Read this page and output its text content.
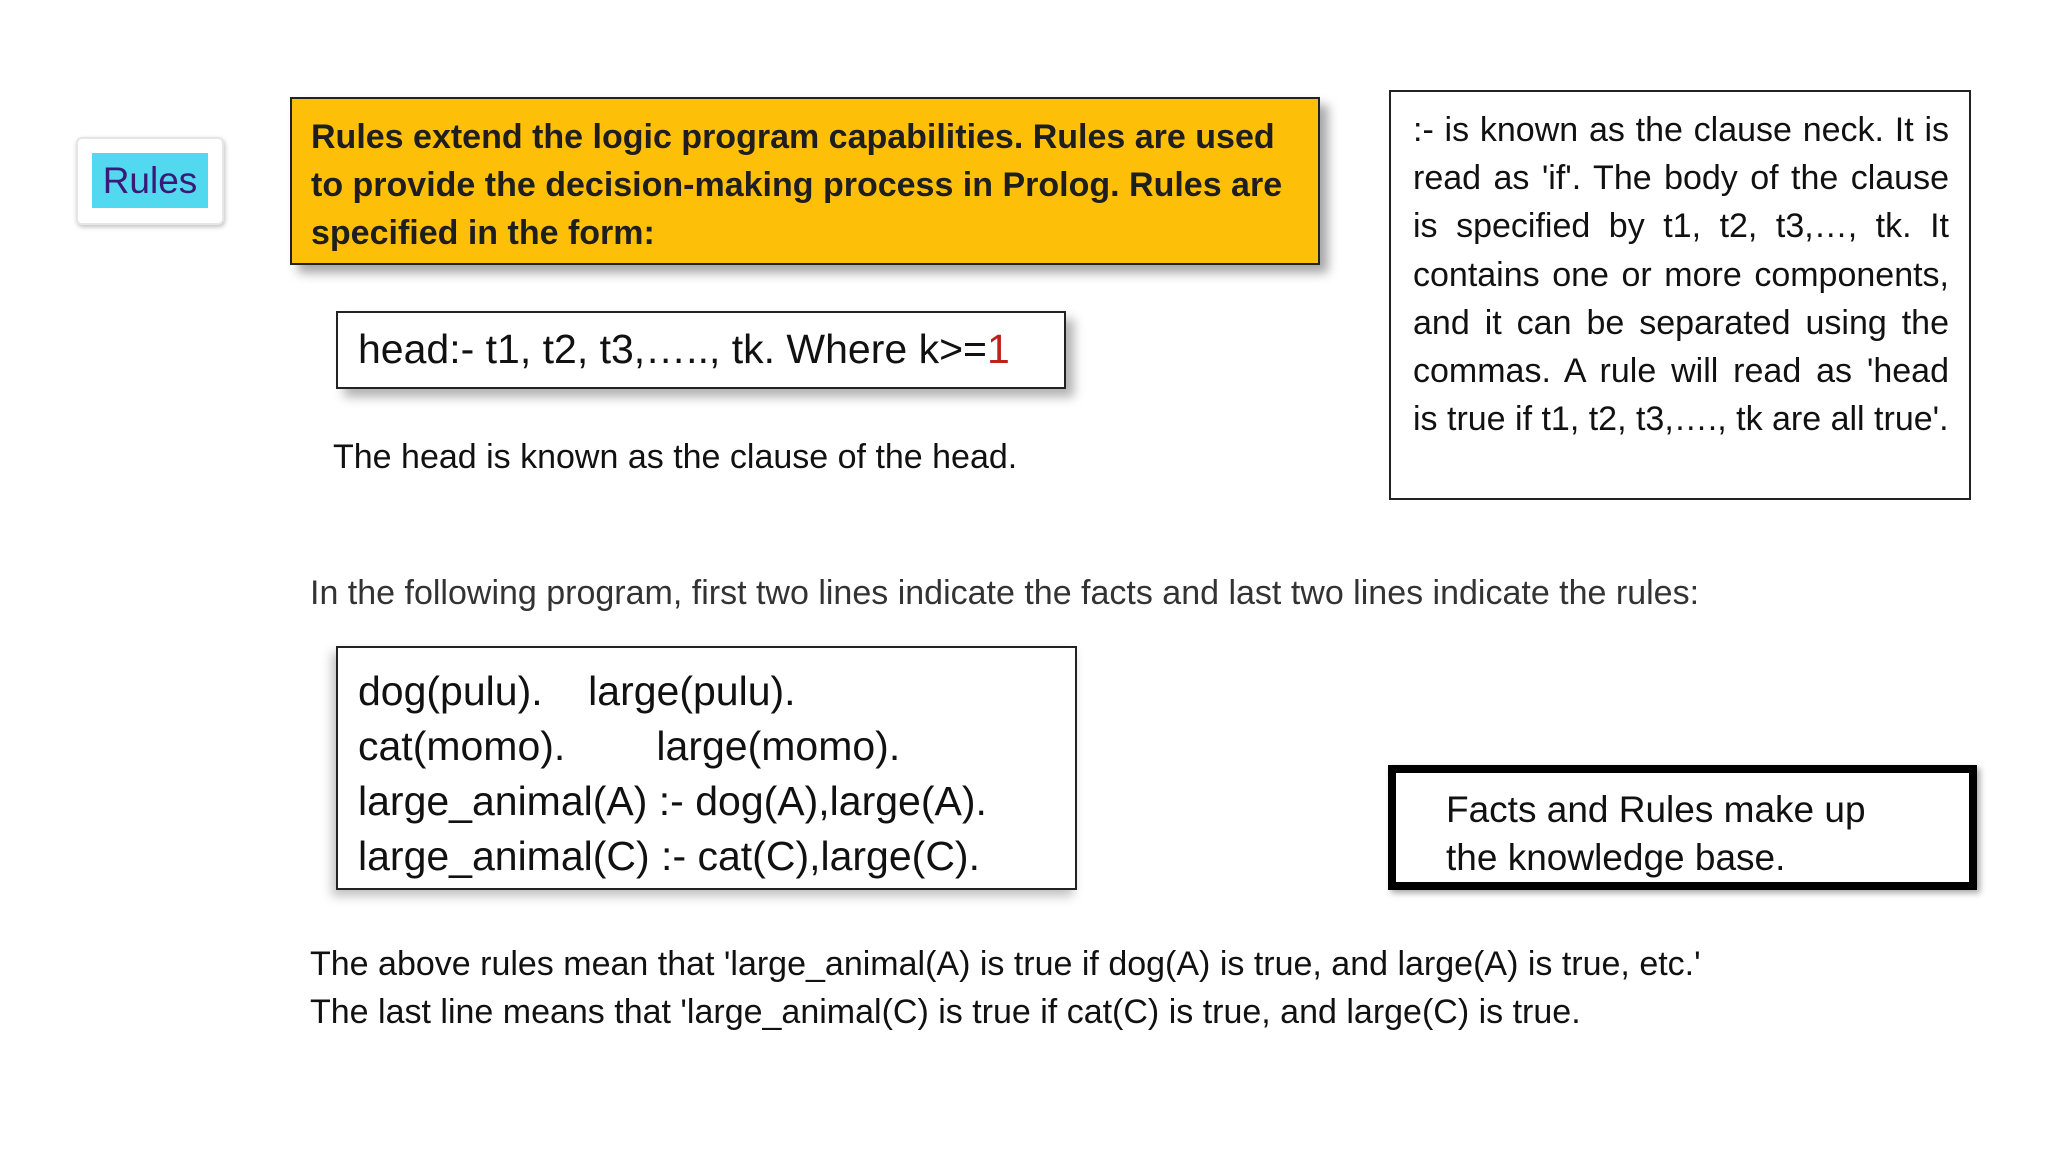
Rules
Rules extend the logic program capabilities. Rules are used to provide the decision-making process in Prolog. Rules are specified in the form:
head:- t1, t2, t3,….., tk. Where k>=1
The head is known as the clause of the head.
:- is known as the clause neck. It is read as 'if'. The body of the clause is specified by t1, t2, t3,…, tk. It contains one or more components, and it can be separated using the commas. A rule will read as 'head is true if t1, t2, t3,…., tk are all true'.
In the following program, first two lines indicate the facts and last two lines indicate the rules:
dog(pulu).    large(pulu).
cat(momo).        large(momo).
large_animal(A) :- dog(A),large(A).
large_animal(C) :- cat(C),large(C).
Facts and Rules make up
the knowledge base.
The above rules mean that 'large_animal(A) is true if dog(A) is true, and large(A) is true, etc.'
The last line means that 'large_animal(C) is true if cat(C) is true, and large(C) is true.
